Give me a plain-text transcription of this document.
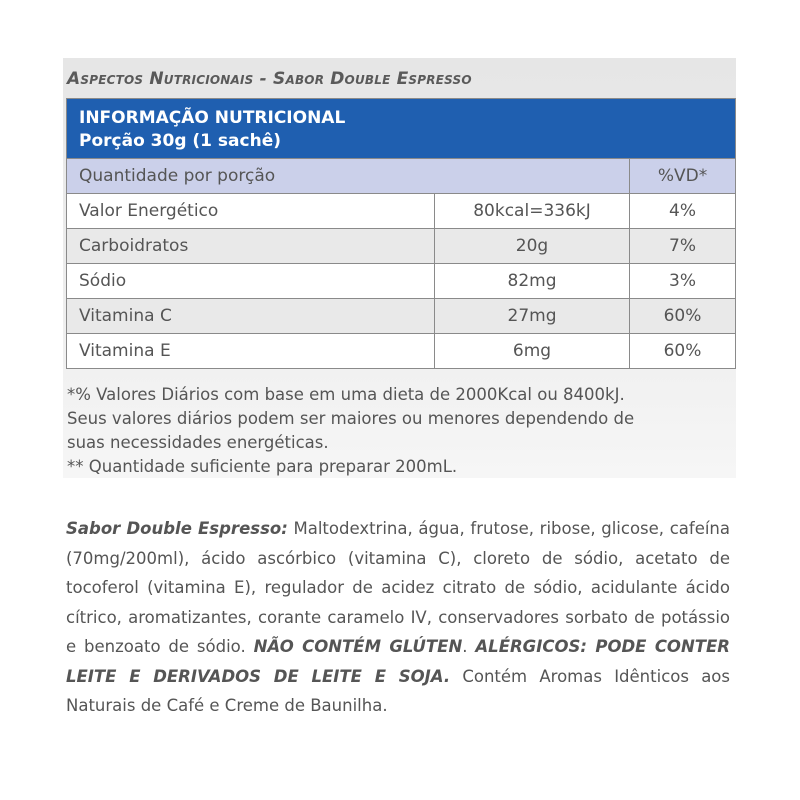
Aspectos Nutricionais - Sabor Double Espresso
INFORMAÇÃO NUTRICIONAL
Porção 30g (1 sachê)		

Quantidade por porção		%VD*
Valor Energético	80kcal=336kJ	4%
Carboidratos	20g	7%
Sódio	82mg	3%
Vitamina C	27mg	60%
Vitamina E	6mg	60%
*% Valores Diários com base em uma dieta de 2000Kcal ou 8400kJ.
Seus valores diários podem ser maiores ou menores dependendo de
suas necessidades energéticas.
** Quantidade suficiente para preparar 200mL.
Sabor Double Espresso: Maltodextrina, água, frutose, ribose, glicose, cafeína (70mg/200ml), ácido ascórbico (vitamina C), cloreto de sódio, acetato de tocoferol (vitamina E), regulador de acidez citrato de sódio, acidulante ácido cítrico, aromatizantes, corante caramelo IV, conservadores sorbato de potássio e benzoato de sódio. NÃO CONTÉM GLÚTEN. ALÉRGICOS: PODE CONTER LEITE E DERIVADOS DE LEITE E SOJA. Contém Aromas Idênticos aos Naturais de Café e Creme de Baunilha.
